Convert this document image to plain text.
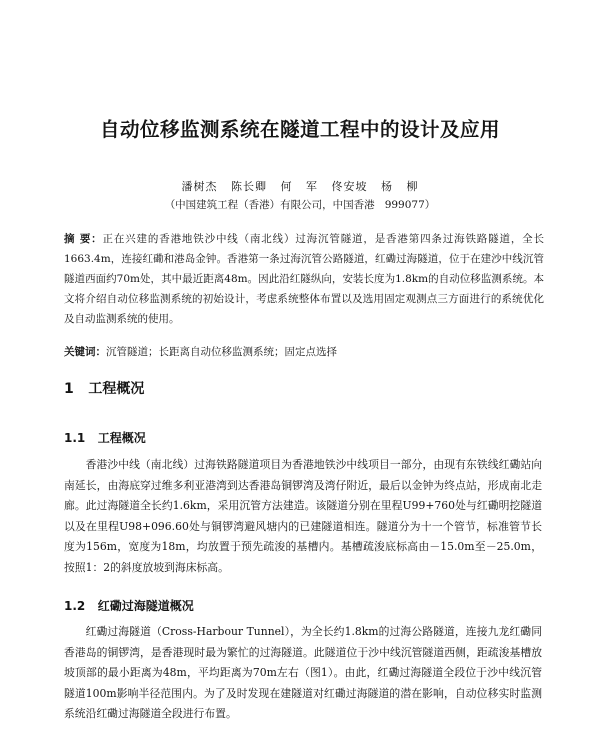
自动位移监测系统在隧道工程中的设计及应用
潘树杰   陈长卿   何   军   佟安坡   杨   柳
（中国建筑工程（香港）有限公司，中国香港   999077）
摘 要：正在兴建的香港地铁沙中线（南北线）过海沉管隧道，是香港第四条过海铁路隧道，全长1663.4m，连接红磡和港岛金钟。香港第一条过海沉管公路隧道，红磡过海隧道，位于在建沙中线沉管隧道西面约70m处，其中最近距离48m。因此沿红隧纵向，安装长度为1.8km的自动位移监测系统。本文将介绍自动位移监测系统的初始设计，考虑系统整体布置以及选用固定观测点三方面进行的系统优化及自动监测系统的使用。
关键词：沉管隧道；长距离自动位移监测系统；固定点选择
1   工程概况
1.1   工程概况
香港沙中线（南北线）过海铁路隧道项目为香港地铁沙中线项目一部分，由现有东铁线红磡站向南延长，由海底穿过维多利亚港湾到达香港岛铜锣湾及湾仔附近，最后以金钟为终点站，形成南北走廊。此过海隧道全长约1.6km，采用沉管方法建造。该隧道分别在里程U99+760处与红磡明挖隧道以及在里程U98+096.60处与铜锣湾避风塘内的已建隧道相连。隧道分为十一个管节，标准管节长度为156m，宽度为18m，均放置于预先疏浚的基槽内。基槽疏浚底标高由－15.0m至－25.0m，按照1：2的斜度放坡到海床标高。
1.2   红磡过海隧道概况
红磡过海隧道（Cross-Harbour Tunnel），为全长约1.8km的过海公路隧道，连接九龙红磡同香港岛的铜锣湾，是香港现时最为繁忙的过海隧道。此隧道位于沙中线沉管隧道西侧，距疏浚基槽放坡顶部的最小距离为48m，平均距离为70m左右（图1）。由此，红磡过海隧道全段位于沙中线沉管隧道100m影响半径范围内。为了及时发现在建隧道对红磡过海隧道的潜在影响，自动位移实时监测系统沿红磡过海隧道全段进行布置。
